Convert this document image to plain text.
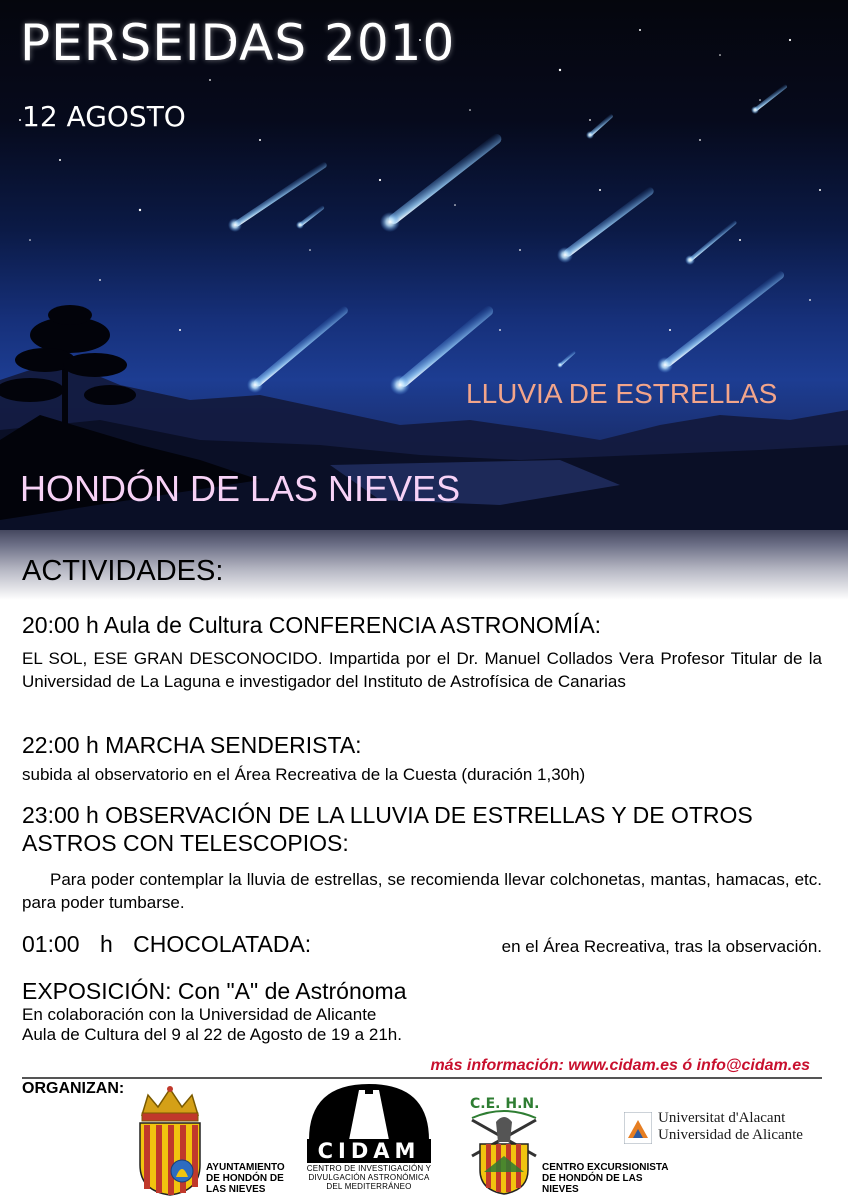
PERSEIDAS 2010
12 AGOSTO
LLUVIA DE ESTRELLAS
HONDÓN DE LAS NIEVES
ACTIVIDADES:
20:00 h Aula de Cultura CONFERENCIA ASTRONOMÍA:
EL SOL, ESE GRAN DESCONOCIDO. Impartida por el Dr. Manuel Collados Vera Profesor Titular de la Universidad de La Laguna e investigador del Instituto de Astrofísica de Canarias
22:00 h MARCHA SENDERISTA:
subida al observatorio en el Área Recreativa de la Cuesta (duración 1,30h)
23:00 h OBSERVACIÓN DE LA LLUVIA DE ESTRELLAS Y DE OTROS ASTROS CON TELESCOPIOS:
Para poder contemplar la lluvia de estrellas, se recomienda llevar colchonetas, mantas, hamacas, etc. para poder tumbarse.
01:00 h CHOCOLATADA:	en el Área Recreativa, tras la observación.
EXPOSICIÓN: Con "A" de Astrónoma
En colaboración con la Universidad de Alicante
Aula de Cultura del 9 al 22 de Agosto de 19 a 21h.
más información: www.cidam.es ó info@cidam.es
ORGANIZAN:
AYUNTAMIENTO
DE HONDÓN DE
LAS NIEVES
CIDAM
CENTRO DE INVESTIGACIÓN Y
DIVULGACIÓN ASTRONÓMICA
DEL MEDITERRÁNEO
C.E. H.N.
CENTRO EXCURSIONISTA
DE HONDÓN DE LAS
NIEVES
Universitat d'Alacant
Universidad de Alicante
